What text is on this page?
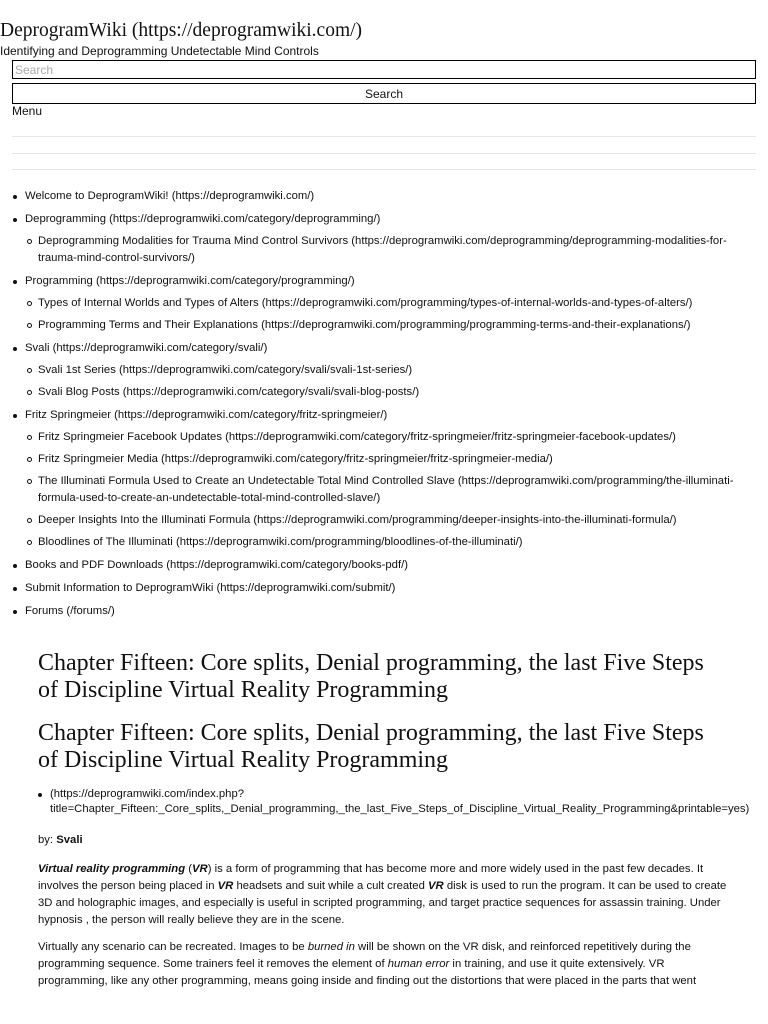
DeprogramWiki (https://deprogramwiki.com/)
Identifying and Deprogramming Undetectable Mind Controls
Search
Search
Menu
Welcome to DeprogramWiki! (https://deprogramwiki.com/)
Deprogramming (https://deprogramwiki.com/category/deprogramming/)
Deprogramming Modalities for Trauma Mind Control Survivors (https://deprogramwiki.com/deprogramming/deprogramming-modalities-for-trauma-mind-control-survivors/)
Programming (https://deprogramwiki.com/category/programming/)
Types of Internal Worlds and Types of Alters (https://deprogramwiki.com/programming/types-of-internal-worlds-and-types-of-alters/)
Programming Terms and Their Explanations (https://deprogramwiki.com/programming/programming-terms-and-their-explanations/)
Svali (https://deprogramwiki.com/category/svali/)
Svali 1st Series (https://deprogramwiki.com/category/svali/svali-1st-series/)
Svali Blog Posts (https://deprogramwiki.com/category/svali/svali-blog-posts/)
Fritz Springmeier (https://deprogramwiki.com/category/fritz-springmeier/)
Fritz Springmeier Facebook Updates (https://deprogramwiki.com/category/fritz-springmeier/fritz-springmeier-facebook-updates/)
Fritz Springmeier Media (https://deprogramwiki.com/category/fritz-springmeier/fritz-springmeier-media/)
The Illuminati Formula Used to Create an Undetectable Total Mind Controlled Slave (https://deprogramwiki.com/programming/the-illuminati-formula-used-to-create-an-undetectable-total-mind-controlled-slave/)
Deeper Insights Into the Illuminati Formula (https://deprogramwiki.com/programming/deeper-insights-into-the-illuminati-formula/)
Bloodlines of The Illuminati (https://deprogramwiki.com/programming/bloodlines-of-the-illuminati/)
Books and PDF Downloads (https://deprogramwiki.com/category/books-pdf/)
Submit Information to DeprogramWiki (https://deprogramwiki.com/submit/)
Forums (/forums/)
Chapter Fifteen: Core splits, Denial programming, the last Five Steps of Discipline Virtual Reality Programming
Chapter Fifteen: Core splits, Denial programming, the last Five Steps of Discipline Virtual Reality Programming
(https://deprogramwiki.com/index.php?
title=Chapter_Fifteen:_Core_splits,_Denial_programming,_the_last_Five_Steps_of_Discipline_Virtual_Reality_Programming&printable=yes)
by: Svali

Virtual reality programming (VR) is a form of programming that has become more and more widely used in the past few decades. It involves the person being placed in VR headsets and suit while a cult created VR disk is used to run the program. It can be used to create 3D and holographic images, and especially is useful in scripted programming, and target practice sequences for assassin training. Under hypnosis , the person will really believe they are in the scene.

Virtually any scenario can be recreated. Images to be burned in will be shown on the VR disk, and reinforced repetitively during the programming sequence. Some trainers feel it removes the element of human error in training, and use it quite extensively. VR programming, like any other programming, means going inside and finding out the distortions that were placed in the parts that went
